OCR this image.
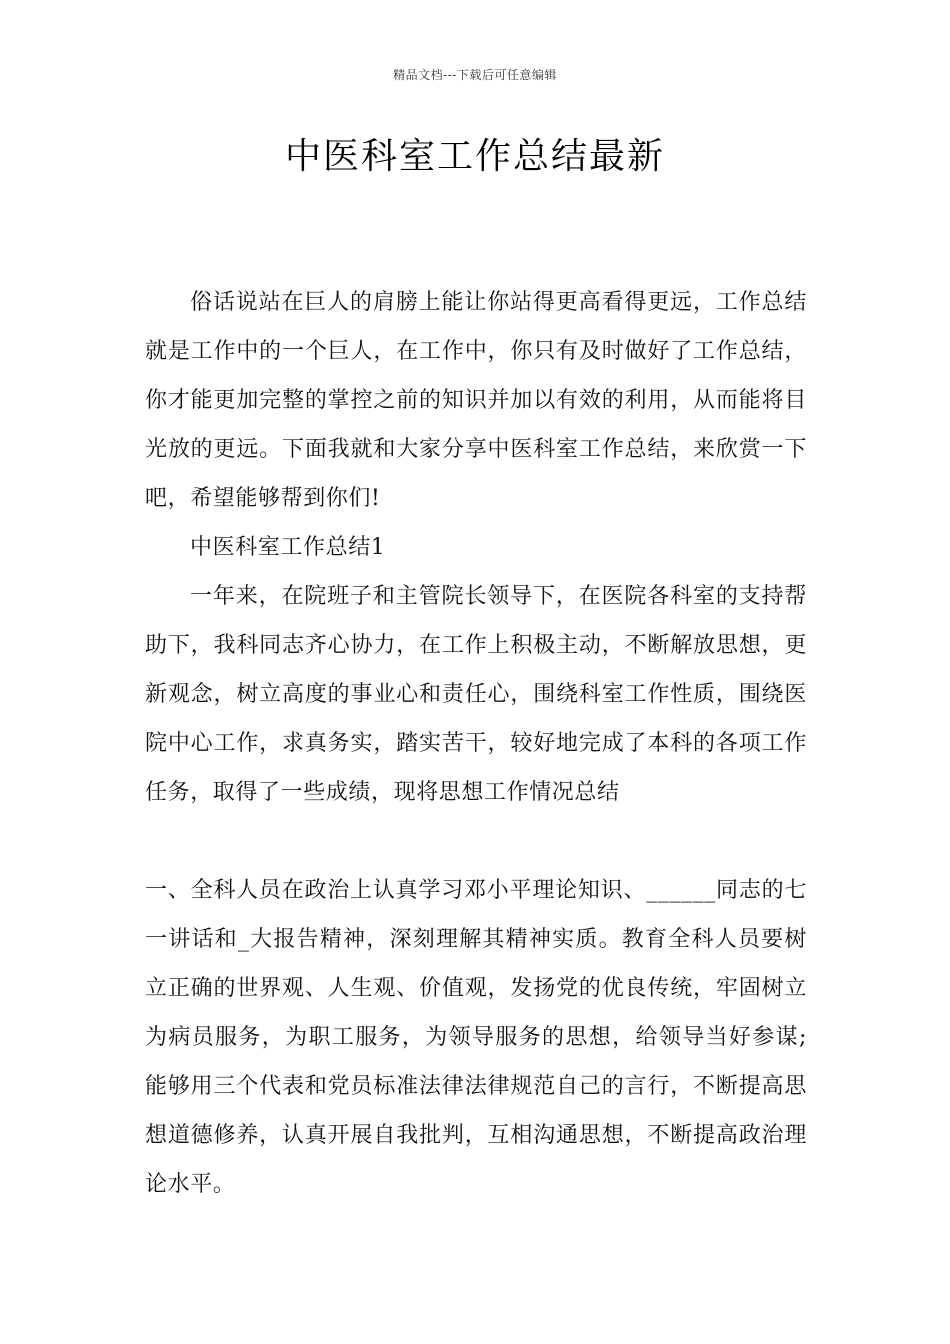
精品文档---下载后可任意编辑
中医科室工作总结最新

俗话说站在巨人的肩膀上能让你站得更高看得更远，工作总结就是工作中的一个巨人，在工作中，你只有及时做好了工作总结，你才能更加完整的掌控之前的知识并加以有效的利用，从而能将目光放的更远。下面我就和大家分享中医科室工作总结，来欣赏一下吧，希望能够帮到你们!

中医科室工作总结1

一年来，在院班子和主管院长领导下，在医院各科室的支持帮助下，我科同志齐心协力，在工作上积极主动，不断解放思想，更新观念，树立高度的事业心和责任心，围绕科室工作性质，围绕医院中心工作，求真务实，踏实苦干，较好地完成了本科的各项工作任务，取得了一些成绩，现将思想工作情况总结

一、全科人员在政治上认真学习邓小平理论知识、______同志的七一讲话和_大报告精神，深刻理解其精神实质。教育全科人员要树立正确的世界观、人生观、价值观，发扬党的优良传统，牢固树立为病员服务，为职工服务，为领导服务的思想，给领导当好参谋;能够用三个代表和党员标准法律法律规范自己的言行，不断提高思想道德修养，认真开展自我批判，互相沟通思想，不断提高政治理论水平。
